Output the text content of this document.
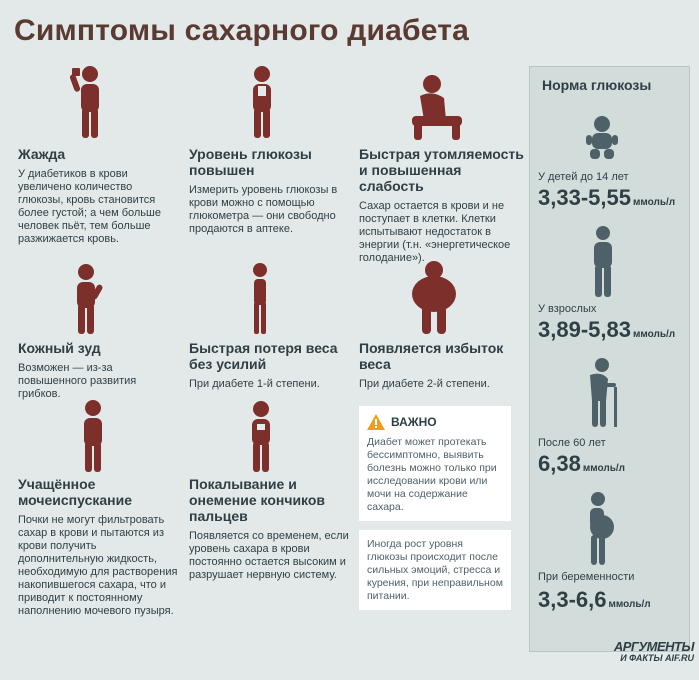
Симптомы сахарного диабета
Жажда

У диабетиков в крови увеличено количество глюкозы, кровь становится более густой; а чем больше человек пьёт, тем больше разжижается кровь.

Уровень глюкозы повышен

Измерить уровень глюкозы в крови можно с помощью глюкометра — они свободно продаются в аптеке.

Быстрая утомляемость и повышенная слабость

Сахар остается в крови и не поступает в клетки. Клетки испытывают недостаток в энергии (т.н. «энергетическое голодание»).

Кожный зуд

Возможен — из-за повышенного развития грибков.

Быстрая потеря веса без усилий

При диабете 1-й степени.

Появляется избыток веса

При диабете 2-й степени.

Учащённое мочеиспускание

Почки не могут фильтровать сахар в крови и пытаются из крови получить дополнительную жидкость, необходимую для растворения накопившегося сахара, что и приводит к постоянному наполнению мочевого пузыря.

Покалывание и онемение кончиков пальцев

Появляется со временем, если уровень сахара в крови постоянно остается высоким и разрушает нервную систему.

ВАЖНО

Диабет может протекать бессимптомно, выявить болезнь можно только при исследовании крови или мочи на содержание сахара.

Иногда рост уровня глюкозы происходит после сильных эмоций, стресса и курения, при неправильном питании.

Норма глюкозы
У детей до 14 лет
3,33-5,55 ммоль/л
У взрослых
3,89-5,83 ммоль/л
После 60 лет
6,38 ммоль/л
При беременности
3,3-6,6 ммоль/л
АРГУМЕНТЫ
И ФАКТЫ AIF.RU
